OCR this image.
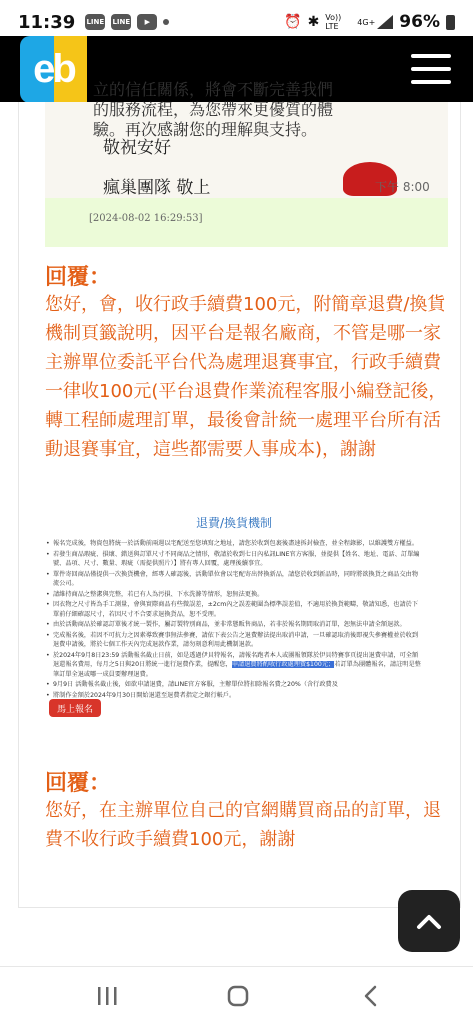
11:39 LINE LINE	▶	⏰ ✱ Vo)) LTE	4G+ 96%
eb	立的信任關係，將會不斷完善我們的服務流程，為您帶來更優質的體驗。再次感謝您的理解與支持。
敬祝安好
瘋巢團隊 敬上	下午 8:00
[2024-08-02 16:29:53]
回覆：
您好，會，收行政手續費100元，附簡章退費/換貨機制頁籤說明，因平台是報名廠商，不管是哪一家主辦單位委託平台代為處理退賽事宜，行政手續費一律收100元(平台退費作業流程客服小編登記後，轉工程師處理訂單，最後會計統一處理平台所有活動退賽事宜，這些都需要人事成本)，謝謝
退費/換貨機制
• 報名完成後，物資包將統一於活動前兩週以宅配送至您填寫之地址，請您於收到包裹後盡速拆封檢查，並全程錄影，以維護雙方權益。
• 若發生商品瑕疵、損壞、錯送與訂單尺寸不同商品之情形，敬請於收到七日內私訊LINE官方客服，並提供【姓名、地址、電話、訂單編號、品項、尺寸、數量、瑕疵（需提供照片）】將有專人回覆，處理後續事宜。
• 單件寄回商品僅提供一次換貨機會，經專人確認後，活動單位會以宅配寄出替換新品，請您於收到新品時，同時將欲換貨之商品交由物流公司。
• 請維持商品之整潔與完整，若已有人為污損、下水洗滌等情形，恕無法更換。
• 因衣物之尺寸皆為手工測量，會與實際商品有些微誤差，±2cm內之誤差範圍為標準誤差值，不適用於換貨範疇，敬請知悉，也請於下單前仔細確認尺寸，若因尺寸不合要求退換貨品，恕不受理。
• 由於活動商品於確認訂單後才統一製作，屬訂製特別商品，並非常態販售商品，若非於報名期間取消訂單，恕無法申請全額退款。
• 完成報名後，若因不可抗力之因素導致賽事無法參賽，請依下表公告之退費辦法提出取消申請，一旦確認取消後即視失參賽權並於收到退費申請後，將於七個工作天內完成退款作業，請勿刻意利用此機制退款。
• 於2024年9月8日23:59 活動報名截止日前，如是透過伊貝特報名，請報名跑者本人或團報領隊於伊貝特賽事頁提出退費申請，可全額退還報名費用，每月之5日與20日將統一進行退費作業，提醒您，申請退費將酌收行政處理費$100元；若訂單為團體報名，請註明是整筆訂單全退或哪一成員要辦理退費。
• 9月9日 活動報名截止後，如欲申請退費，請LINE官方客服，主辦單位將扣除報名費之20%（含行政費及
• 將制作金額於2024年9月30日開始退還至退費者指定之銀行帳戶。
馬上報名
回覆：
您好，在主辦單位自己的官網購買商品的訂單，退費不收行政手續費100元，謝謝
